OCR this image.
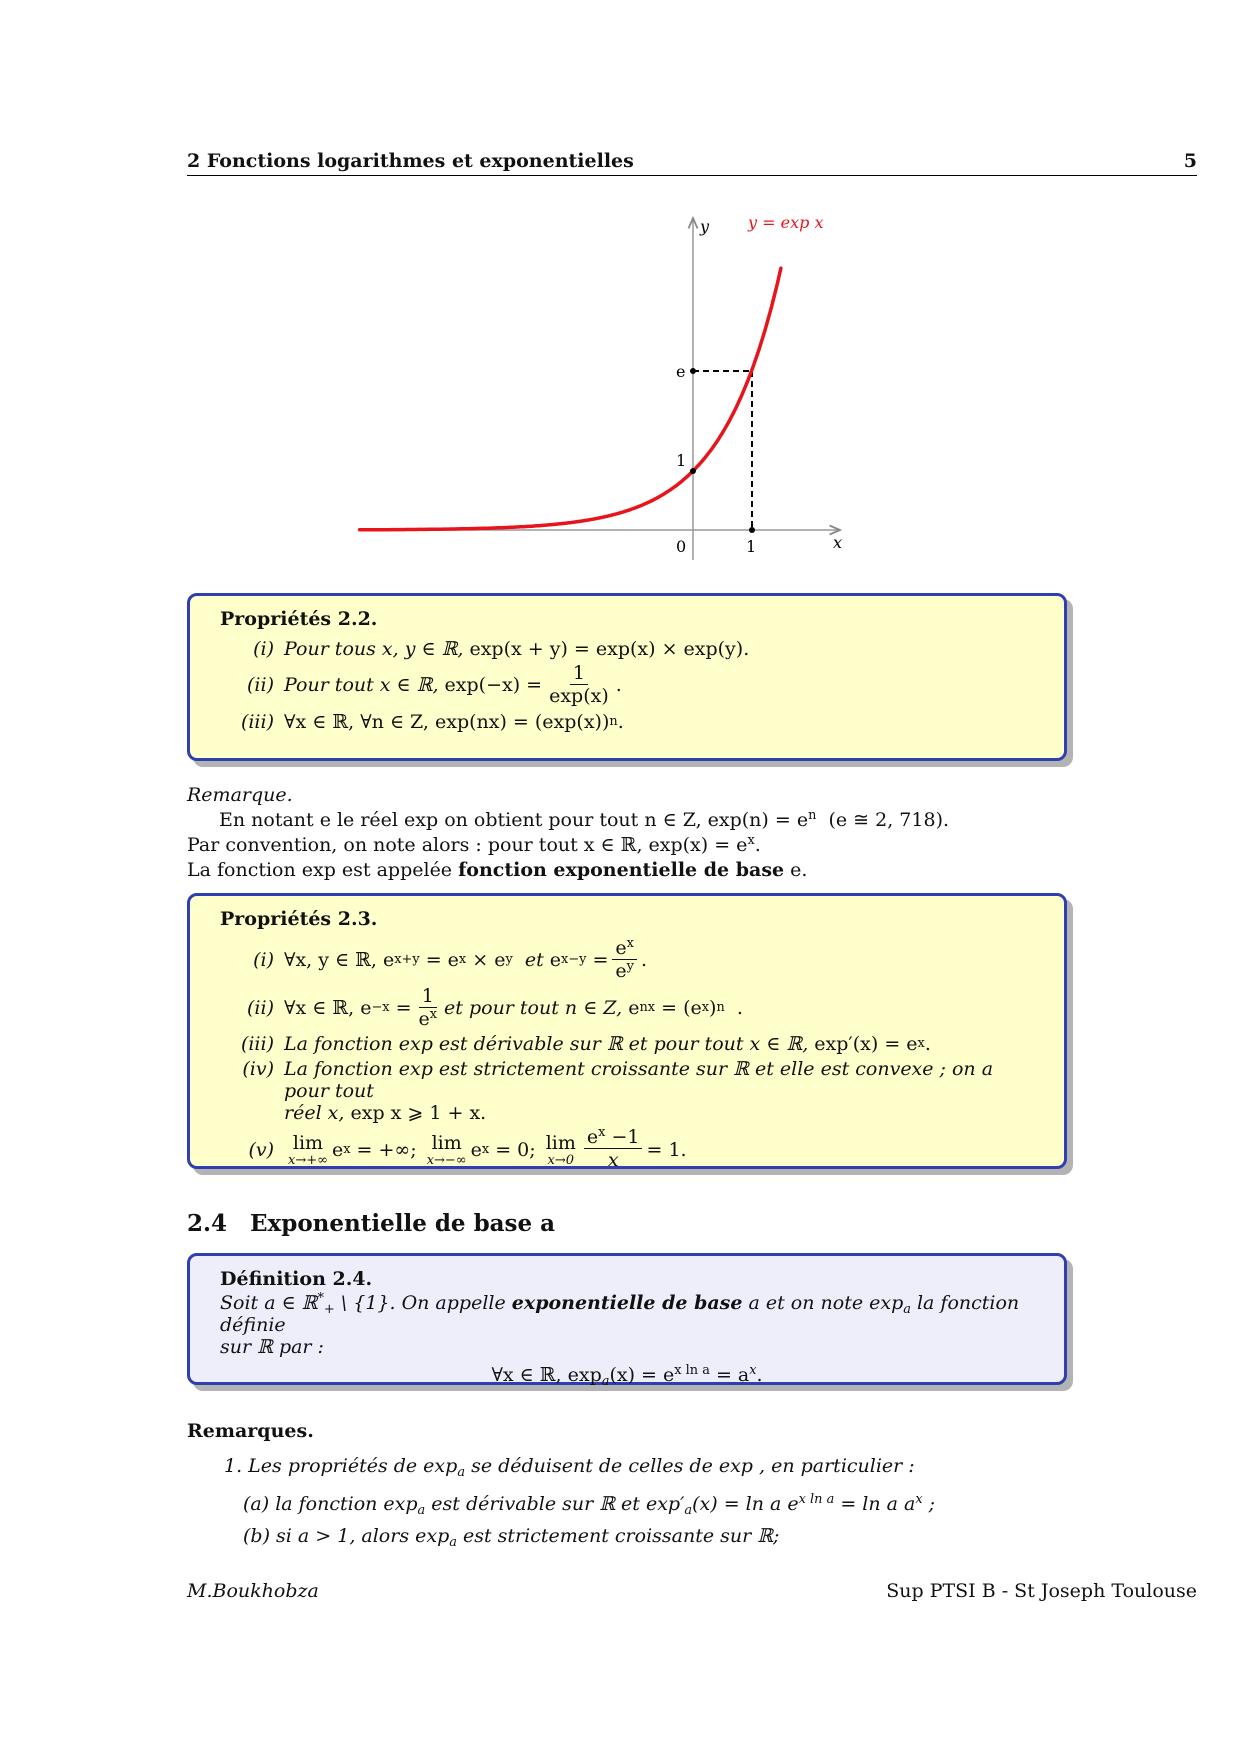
2 Fonctions logarithmes et exponentielles	5
y
x
0	1
1
e
y = exp x
Propriétés 2.2.
(i) Pour tous x, y ∈ ℝ,
exp(x + y) = exp(x) × exp(y).
(ii) Pour tout x ∈ ℝ,
$\exp(-x) = \frac{1}{\exp(x)}$ .
(iii) ∀x ∈ ℝ, ∀n ∈ Z, exp(nx) = (exp(x)) n .
Remarque.
En notant e le réel exp on obtient pour tout n ∈ Z, $\exp(n) = e^n$ (e ≅ 2, 718).
Par convention, on note alors : pour tout x ∈ ℝ, $\exp(x) = e^x$.
La fonction exp est appelée fonction exponentielle de base e.
Propriétés 2.3.
(i) ∀x, y ∈ ℝ, e x+y
= e x
× e y
et
e x−y
= $\frac{e^x}{e^y}$ .
(ii) ∀x ∈ ℝ, e −x
= $\frac{1}{e^x}$ et pour tout n ∈ Z,
e nx
= (e x ) n
.
(iii) La fonction exp est dérivable sur ℝ et pour tout x ∈ ℝ,
exp′(x) = e x .
(iv) La fonction exp est strictement croissante sur ℝ et elle est convexe ; on a pour tout
réel x, exp x ⩾ 1 + x.
(v) lim
x→+∞ e x
= +∞;
lim
x→−∞ e x
= 0;
lim
$x\to 0 \frac{e^x -1}{x} = 1$.
2.4 Exponentielle de base a
Définition 2.4.
Soit a ∈ ℝ*$_+$ \ {1}. On appelle exponentielle de base a et on note $\exp_a$ la fonction définie
sur ℝ par :
∀x ∈ ℝ, $\exp_a(x) = e^{x ln a} = a^x$.
Remarques.
1. Les propriétés de $\exp_a$ se déduisent de celles de exp , en particulier :
(a) la fonction $\exp_a$ est dérivable sur ℝ et $\exp'_a(x) = \ln a$ $e^{x ln a} = \ln a$ $a^x$ ;
(b) si a > 1, alors $\exp_a$ est strictement croissante sur ℝ;
M.Boukhobza	Sup PTSI B - St Joseph Toulouse
